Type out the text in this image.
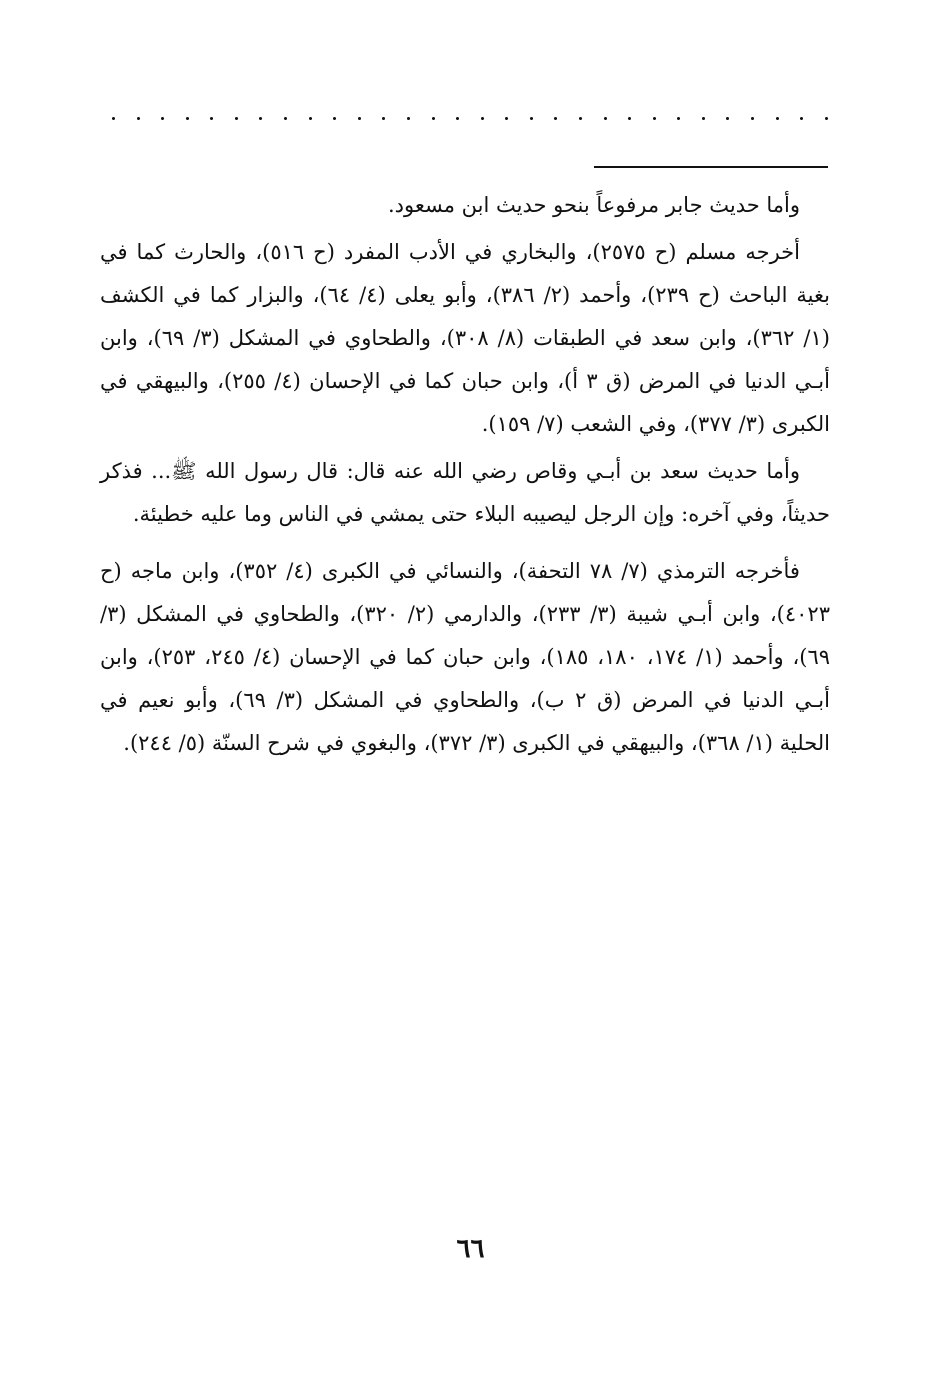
وأما حديث جابر مرفوعاً بنحو حديث ابن مسعود.

أخرجه مسلم (ح ٢٥٧٥)، والبخاري في الأدب المفرد (ح ٥١٦)، والحارث كما في بغية الباحث (ح ٢٣٩)، وأحمد (٢/ ٣٨٦)، وأبو يعلى (٤/ ٦٤)، والبزار كما في الكشف (١/ ٣٦٢)، وابن سعد في الطبقات (٨/ ٣٠٨)، والطحاوي في المشكل (٣/ ٦٩)، وابن أبـي الدنيا في المرض (ق ٣ أ)، وابن حبان كما في الإحسان (٤/ ٢٥٥)، والبيهقي في الكبرى (٣/ ٣٧٧)، وفي الشعب (٧/ ١٥٩).

وأما حديث سعد بن أبـي وقاص رضي الله عنه قال: قال رسول الله ﷺ... فذكر حديثاً، وفي آخره: وإن الرجل ليصيبه البلاء حتى يمشي في الناس وما عليه خطيئة.

فأخرجه الترمذي (٧/ ٧٨ التحفة)، والنسائي في الكبرى (٤/ ٣٥٢)، وابن ماجه (ح ٤٠٢٣)، وابن أبـي شيبة (٣/ ٢٣٣)، والدارمي (٢/ ٣٢٠)، والطحاوي في المشكل (٣/ ٦٩)، وأحمد (١/ ١٧٤، ١٨٠، ١٨٥)، وابن حبان كما في الإحسان (٤/ ٢٤٥، ٢٥٣)، وابن أبـي الدنيا في المرض (ق ٢ ب)، والطحاوي في المشكل (٣/ ٦٩)، وأبو نعيم في الحلية (١/ ٣٦٨)، والبيهقي في الكبرى (٣/ ٣٧٢)، والبغوي في شرح السنّة (٥/ ٢٤٤).

٦٦
